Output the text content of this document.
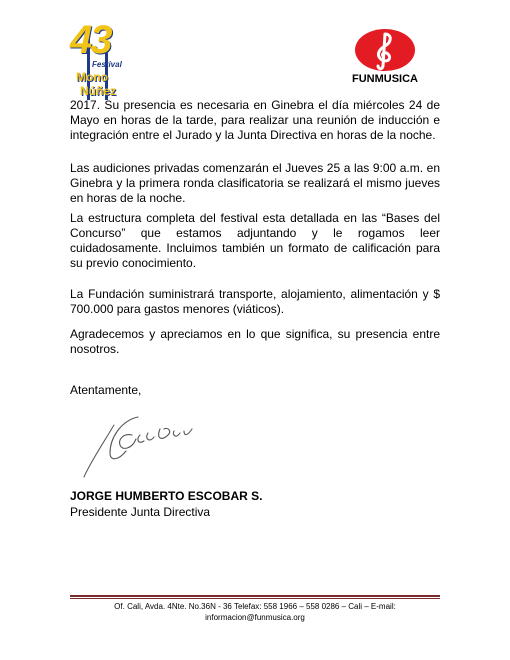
43
Festival
Mono
Núñez
FUNMUSICA

2017. Su presencia es necesaria en Ginebra el día miércoles 24 de Mayo en horas de la tarde, para realizar una reunión de inducción e integración entre el Jurado y la Junta Directiva en horas de la noche.

Las audiciones privadas comenzarán el Jueves 25 a las 9:00 a.m. en Ginebra y la primera ronda clasificatoria se realizará el mismo jueves en horas de la noche.

La estructura completa del festival esta detallada en las “Bases del Concurso” que estamos adjuntando y le rogamos leer cuidadosamente. Incluimos también un formato de calificación para su previo conocimiento.

La Fundación suministrará transporte, alojamiento, alimentación y $ 700.000 para gastos menores (viáticos).

Agradecemos y apreciamos en lo que significa, su presencia entre nosotros.

Atentamente,
JORGE HUMBERTO ESCOBAR S.
Presidente Junta Directiva
Of. Cali, Avda. 4Nte. No.36N - 36 Telefax: 558 1966 – 558 0286 – Cali – E-mail:
informacion@funmusica.org
